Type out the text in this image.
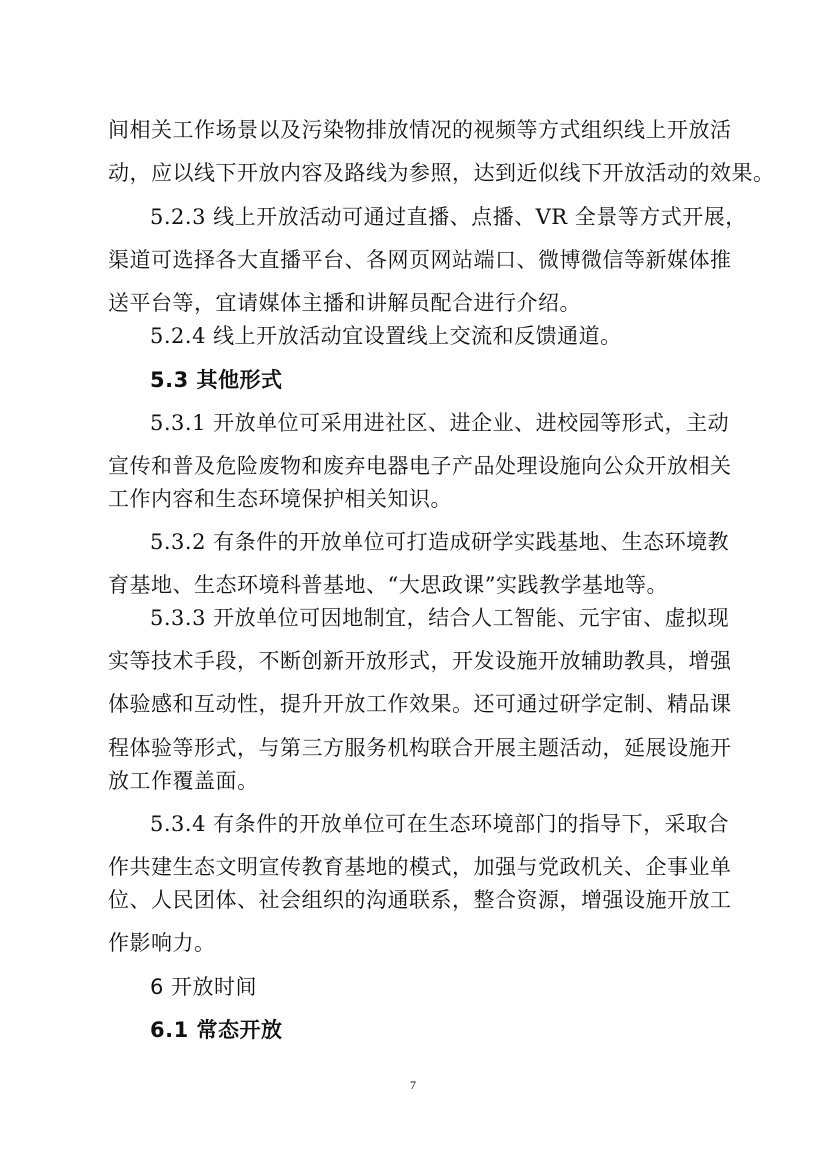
间相关工作场景以及污染物排放情况的视频等方式组织线上开放活
动，应以线下开放内容及路线为参照，达到近似线下开放活动的效果。
5.2.3 线上开放活动可通过直播、点播、VR 全景等方式开展，
渠道可选择各大直播平台、各网页网站端口、微博微信等新媒体推
送平台等，宜请媒体主播和讲解员配合进行介绍。
5.2.4 线上开放活动宜设置线上交流和反馈通道。
5.3 其他形式
5.3.1 开放单位可采用进社区、进企业、进校园等形式，主动
宣传和普及危险废物和废弃电器电子产品处理设施向公众开放相关
工作内容和生态环境保护相关知识。
5.3.2 有条件的开放单位可打造成研学实践基地、生态环境教
育基地、生态环境科普基地、“大思政课”实践教学基地等。
5.3.3 开放单位可因地制宜，结合人工智能、元宇宙、虚拟现
实等技术手段，不断创新开放形式，开发设施开放辅助教具，增强
体验感和互动性，提升开放工作效果。还可通过研学定制、精品课
程体验等形式，与第三方服务机构联合开展主题活动，延展设施开
放工作覆盖面。
5.3.4 有条件的开放单位可在生态环境部门的指导下，采取合
作共建生态文明宣传教育基地的模式，加强与党政机关、企事业单
位、人民团体、社会组织的沟通联系，整合资源，增强设施开放工
作影响力。
6 开放时间
6.1 常态开放
7
